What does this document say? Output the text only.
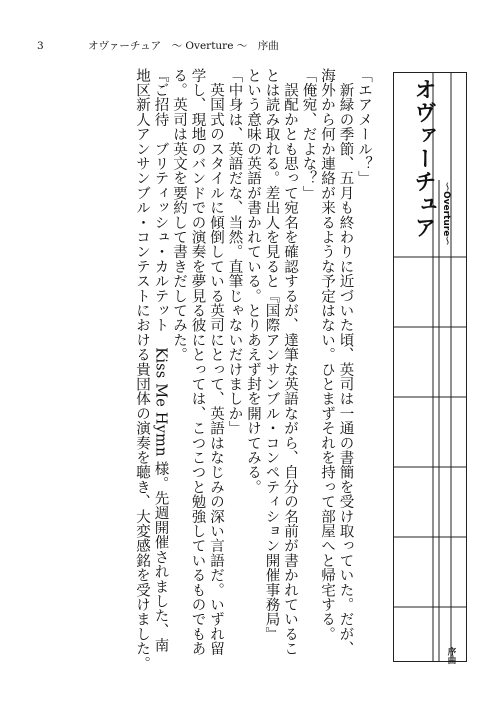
3	オヴァーチュア　〜 Overture 〜　序曲
「エアメール？」
　新緑の季節、五月も終わりに近づいた頃、英司は一通の書簡を受け取っていた。だが、
海外から何か連絡が来るような予定はない。ひとまずそれを持って部屋へと帰宅する。
「俺宛、だよな？」
　誤配かとも思って宛名を確認するが、達筆な英語ながら、自分の名前が書かれているこ
とは読み取れる。差出人を見ると『国際アンサンブル・コンペティション開催事務局』
という意味の英語が書かれている。とりあえず封を開けてみる。
「中身は、英語だな、当然。直筆じゃないだけましか」
　英国式のスタイルに傾倒している英司にとって、英語はなじみの深い言語だ。いずれ留
学し、現地のバンドでの演奏を夢見る彼にとっては、こつこつと勉強しているものでもあ
る。英司は英文を要約して書きだしてみた。
『ご招待　ブリティッシュ・カルテット　Kiss Me Hymn 様。先週開催されました、南
地区新人アンサンブル・コンテストにおける貴団体の演奏を聴き、大変感銘を受けました。	オヴァーチュア 〜Overture〜
序曲
